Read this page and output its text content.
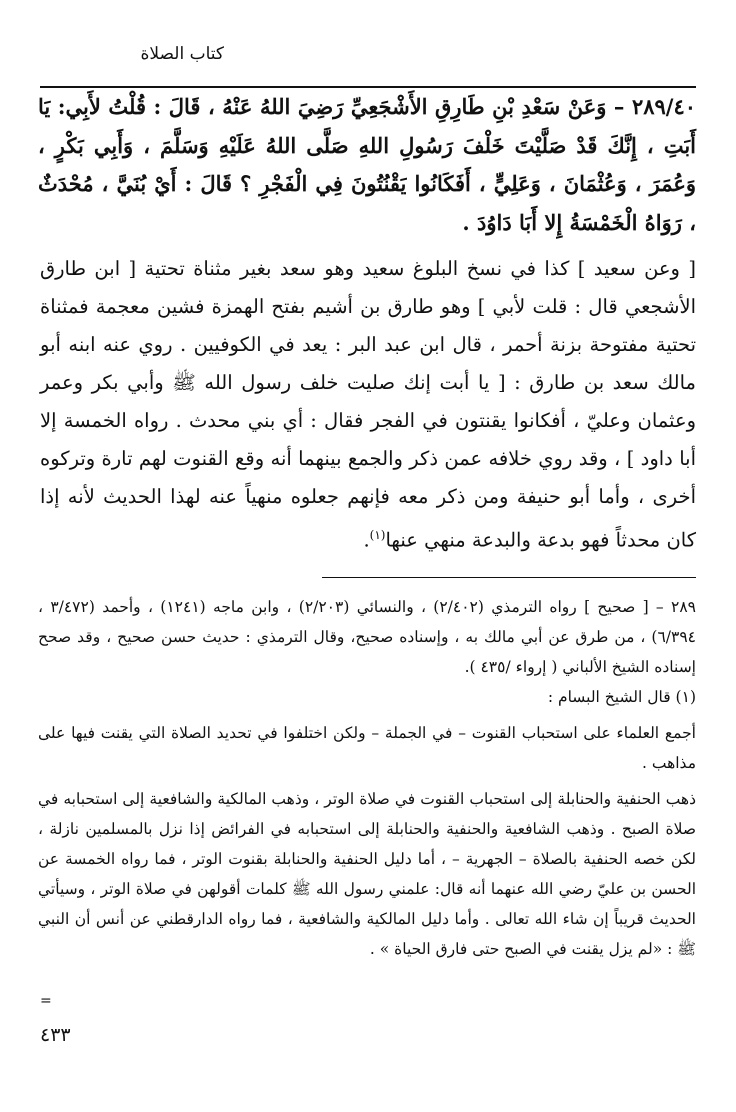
كتاب الصلاة
٢٨٩/٤٠ – وَعَنْ سَعْدِ بْنِ طَارِقِ الأَشْجَعِيِّ رَضِيَ اللهُ عَنْهُ ، قَالَ : قُلْتُ لأَبِي: يَا أَبَتِ ، إِنَّكَ قَدْ صَلَّيْتَ خَلْفَ رَسُولِ اللهِ صَلَّى اللهُ عَلَيْهِ وَسَلَّمَ ، وَأَبِي بَكْرٍ ، وَعُمَرَ ، وَعُثْمَانَ ، وَعَلِيٍّ ، أَفَكَانُوا يَقْنُتُونَ فِي الْفَجْرِ ؟ قَالَ : أَيْ بُنَيَّ ، مُحْدَثٌ ، رَوَاهُ الْخَمْسَةُ إِلا أَبَا دَاوُدَ .
[ وعن سعيد ] كذا في نسخ البلوغ سعيد وهو سعد بغير مثناة تحتية [ ابن طارق الأشجعي قال : قلت لأبي ] وهو طارق بن أشيم بفتح الهمزة فشين معجمة فمثناة تحتية مفتوحة بزنة أحمر ، قال ابن عبد البر : يعد في الكوفيين . روي عنه ابنه أبو مالك سعد بن طارق : [ يا أبت إنك صليت خلف رسول الله ﷺ وأبي بكر وعمر وعثمان وعليّ ، أفكانوا يقنتون في الفجر فقال : أي بني محدث . رواه الخمسة إلا أبا داود ] ، وقد روي خلافه عمن ذكر والجمع بينهما أنه وقع القنوت لهم تارة وتركوه أخرى ، وأما أبو حنيفة ومن ذكر معه فإنهم جعلوه منهياً عنه لهذا الحديث لأنه إذا كان محدثاً فهو بدعة والبدعة منهي عنها$^{(١)}$.

٢٨٩ – [ صحيح ] رواه الترمذي (٢/٤٠٢) ، والنسائي (٢/٢٠٣) ، وابن ماجه (١٢٤١) ، وأحمد (٣/٤٧٢ ، ٦/٣٩٤) ، من طرق عن أبي مالك به ، وإسناده صحيح، وقال الترمذي : حديث حسن صحيح ، وقد صحح إسناده الشيخ الألباني ( إرواء /٤٣٥ ).

(١) قال الشيخ البسام :

أجمع العلماء على استحباب القنوت – في الجملة – ولكن اختلفوا في تحديد الصلاة التي يقنت فيها على مذاهب .

ذهب الحنفية والحنابلة إلى استحباب القنوت في صلاة الوتر ، وذهب المالكية والشافعية إلى استحبابه في صلاة الصبح . وذهب الشافعية والحنفية والحنابلة إلى استحبابه في الفرائض إذا نزل بالمسلمين نازلة ، لكن خصه الحنفية بالصلاة – الجهرية – ، أما دليل الحنفية والحنابلة بقنوت الوتر ، فما رواه الخمسة عن الحسن بن عليّ رضي الله عنهما أنه قال: علمني رسول الله ﷺ كلمات أقولهن في صلاة الوتر ، وسيأتي الحديث قريباً إن شاء الله تعالى . وأما دليل المالكية والشافعية ، فما رواه الدارقطني عن أنس أن النبي ﷺ : «لم يزل يقنت في الصبح حتى فارق الحياة » .

=
٤٣٣
